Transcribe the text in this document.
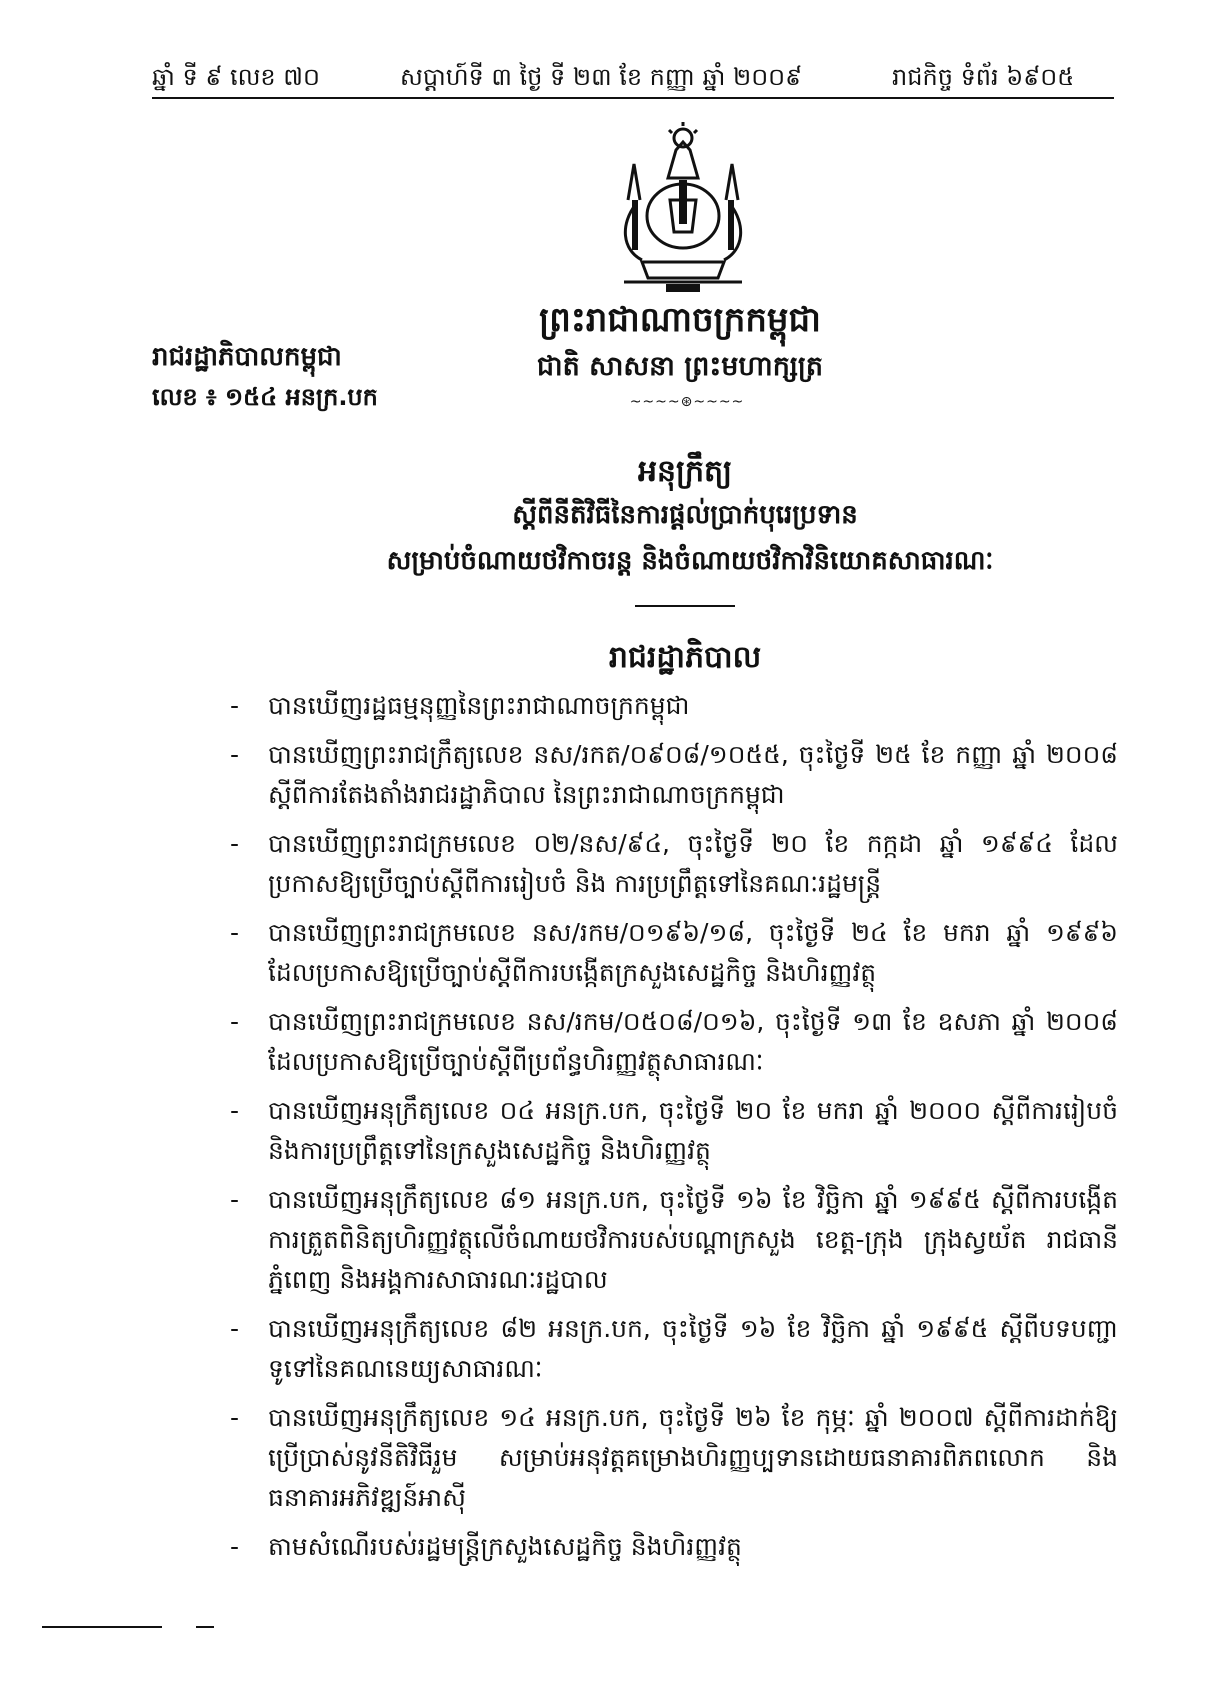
ឆ្នាំ ទី ៩ លេខ ៧០	សប្តាហ៍ទី ៣ ថ្ងៃ ទី ២៣ ខែ កញ្ញា ឆ្នាំ ២០០៩	រាជកិច្ច ទំព័រ ៦៩០៥
ព្រះរាជាណាចក្រកម្ពុជា
ជាតិ សាសនា ព្រះមហាក្សត្រ
~~~~⊛~~~~
រាជរដ្ឋាភិបាលកម្ពុជា
លេខ ៖ ១៥៤ អនក្រ.បក
អនុក្រឹត្យ
ស្តីពីនីតិវិធីនៃការផ្តល់ប្រាក់បុរេប្រទាន
សម្រាប់ចំណាយថវិកាចរន្ត និងចំណាយថវិកាវិនិយោគសាធារណៈ
រាជរដ្ឋាភិបាល
- បានឃើញរដ្ឋធម្មនុញ្ញនៃព្រះរាជាណាចក្រកម្ពុជា
- បានឃើញព្រះរាជក្រឹត្យលេខ នស/រកត/០៩០៨/១០៥៥, ចុះថ្ងៃទី ២៥ ខែ កញ្ញា ឆ្នាំ ២០០៨ ស្តីពីការតែងតាំងរាជរដ្ឋាភិបាល នៃព្រះរាជាណាចក្រកម្ពុជា
- បានឃើញព្រះរាជក្រមលេខ ០២/នស/៩៤, ចុះថ្ងៃទី ២០ ខែ កក្កដា ឆ្នាំ ១៩៩៤ ដែលប្រកាសឱ្យប្រើច្បាប់ស្តីពីការរៀបចំ និង ការប្រព្រឹត្តទៅនៃគណៈរដ្ឋមន្ត្រី
- បានឃើញព្រះរាជក្រមលេខ នស/រកម/០១៩៦/១៨, ចុះថ្ងៃទី ២៤ ខែ មករា ឆ្នាំ ១៩៩៦ ដែលប្រកាសឱ្យប្រើច្បាប់ស្តីពីការបង្កើតក្រសួងសេដ្ឋកិច្ច និងហិរញ្ញវត្ថុ
- បានឃើញព្រះរាជក្រមលេខ នស/រកម/០៥០៨/០១៦, ចុះថ្ងៃទី ១៣ ខែ ឧសភា ឆ្នាំ ២០០៨ ដែលប្រកាសឱ្យប្រើច្បាប់ស្តីពីប្រព័ន្ធហិរញ្ញវត្ថុសាធារណៈ
- បានឃើញអនុក្រឹត្យលេខ ០៤ អនក្រ.បក, ចុះថ្ងៃទី ២០ ខែ មករា ឆ្នាំ ២០០០ ស្តីពីការរៀបចំ និងការប្រព្រឹត្តទៅនៃក្រសួងសេដ្ឋកិច្ច និងហិរញ្ញវត្ថុ
- បានឃើញអនុក្រឹត្យលេខ ៨១ អនក្រ.បក, ចុះថ្ងៃទី ១៦ ខែ វិច្ឆិកា ឆ្នាំ ១៩៩៥ ស្តីពីការបង្កើតការត្រួតពិនិត្យហិរញ្ញវត្ថុលើចំណាយថវិការបស់បណ្តាក្រសួង ខេត្ត-ក្រុង ក្រុងស្វយ័ត រាជធានីភ្នំពេញ និងអង្គការសាធារណៈរដ្ឋបាល
- បានឃើញអនុក្រឹត្យលេខ ៨២ អនក្រ.បក, ចុះថ្ងៃទី ១៦ ខែ វិច្ឆិកា ឆ្នាំ ១៩៩៥ ស្តីពីបទបញ្ជាទូទៅនៃគណនេយ្យសាធារណៈ
- បានឃើញអនុក្រឹត្យលេខ ១៤ អនក្រ.បក, ចុះថ្ងៃទី ២៦ ខែ កុម្ភៈ ឆ្នាំ ២០០៧ ស្តីពីការដាក់ឱ្យប្រើប្រាស់នូវនីតិវិធីរួម សម្រាប់អនុវត្តគម្រោងហិរញ្ញប្បទានដោយធនាគារពិភពលោក និងធនាគារអភិវឌ្ឍន៍អាស៊ី
- តាមសំណើរបស់រដ្ឋមន្ត្រីក្រសួងសេដ្ឋកិច្ច និងហិរញ្ញវត្ថុ
